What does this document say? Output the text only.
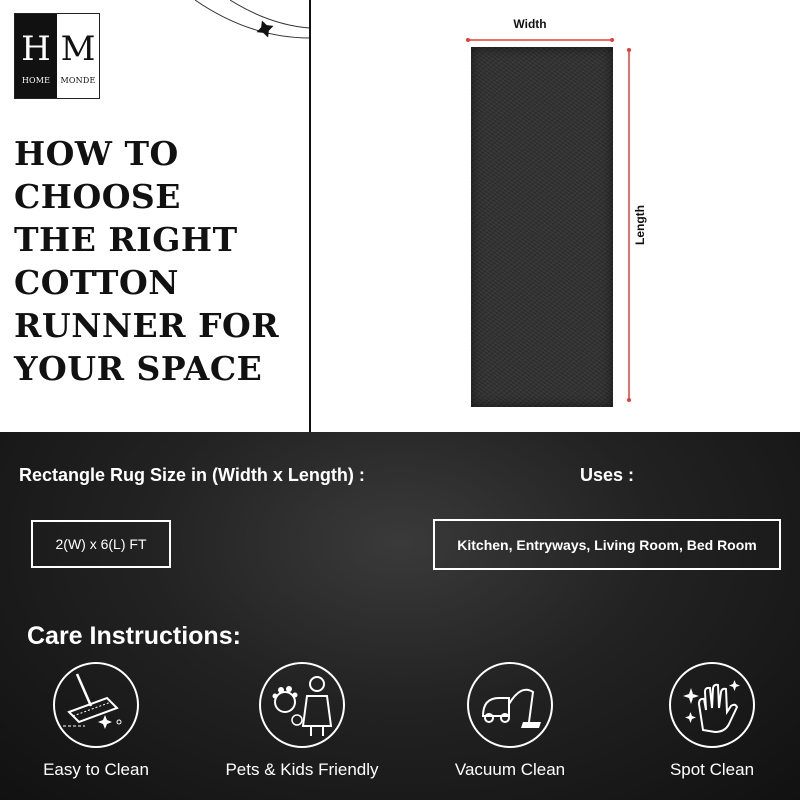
H
HOME
M
MONDE
HOW TO
CHOOSE
THE RIGHT
COTTON
RUNNER FOR
YOUR SPACE
Width
Length
Rectangle Rug Size in (Width x Length) :
2(W) x 6(L) FT
Uses :
Kitchen, Entryways, Living Room, Bed Room
Care Instructions:
Easy to Clean	Pets & Kids Friendly	Vacuum Clean	Spot Clean
